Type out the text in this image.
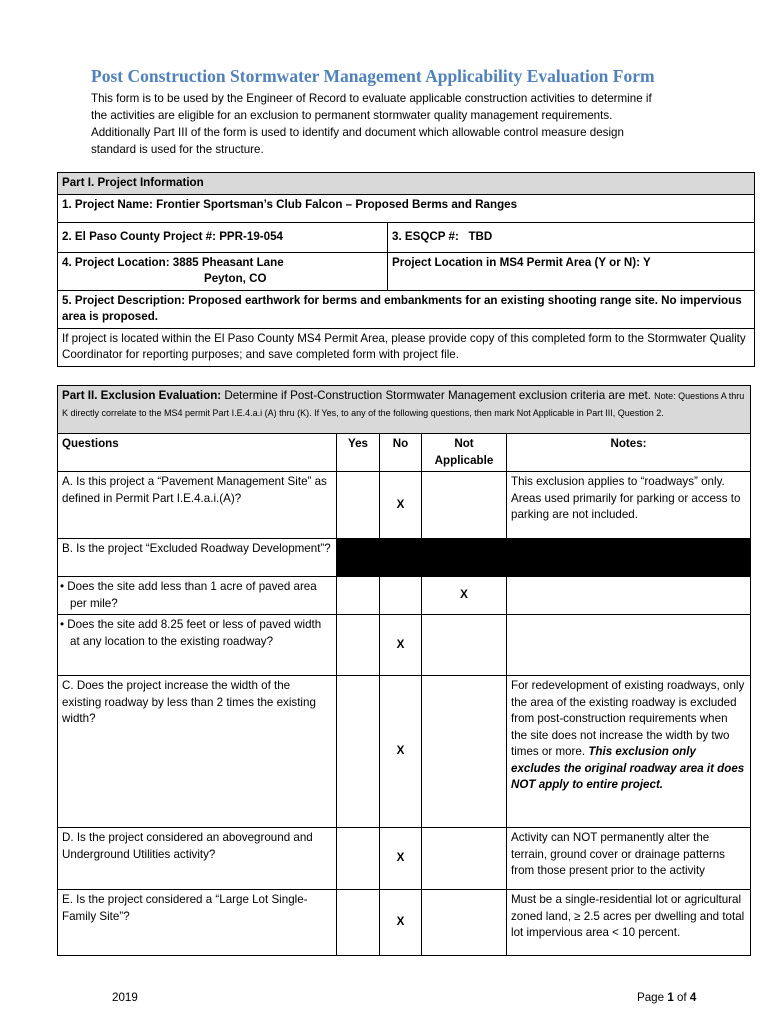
Post Construction Stormwater Management Applicability Evaluation Form
This form is to be used by the Engineer of Record to evaluate applicable construction activities to determine if
the activities are eligible for an exclusion to permanent stormwater quality management requirements.
Additionally Part III of the form is used to identify and document which allowable control measure design
standard is used for the structure.
Part I. Project Information	
1. Project Name: Frontier Sportsman’s Club Falcon – Proposed Berms and Ranges	
2. El Paso County Project #: PPR-19-054	3. ESQCP #:   TBD

4. Project Location: 3885 Pheasant Lane
Peyton, CO	Project Location in MS4 Permit Area (Y or N): Y
5. Project Description: Proposed earthwork for berms and embankments for an existing shooting range site. No impervious area is proposed.	
If project is located within the El Paso County MS4 Permit Area, please provide copy of this completed form to the Stormwater Quality Coordinator for reporting purposes; and save completed form with project file.	
Part II. Exclusion Evaluation: Determine if Post-Construction Stormwater Management exclusion criteria are met. Note: Questions A thru K directly correlate to the MS4 permit Part I.E.4.a.i (A) thru (K). If Yes, to any of the following questions, then mark Not Applicable in Part III, Question 2.				
Questions	Yes	No	Not Applicable	Notes:
A. Is this project a “Pavement Management Site” as defined in Permit Part I.E.4.a.i.(A)?		X		This exclusion applies to “roadways” only. Areas used primarily for parking or access to parking are not included.
B. Is the project “Excluded Roadway Development”?				
• Does the site add less than 1 acre of paved area per mile?			X	
• Does the site add 8.25 feet or less of paved width at any location to the existing roadway?		X		
C. Does the project increase the width of the existing roadway by less than 2 times the existing width?		X		For redevelopment of existing roadways, only the area of the existing roadway is excluded from post-construction requirements when the site does not increase the width by two times or more. This exclusion only excludes the original roadway area it does NOT apply to entire project.
D. Is the project considered an aboveground and Underground Utilities activity?		X		Activity can NOT permanently alter the terrain, ground cover or drainage patterns from those present prior to the activity
E. Is the project considered a “Large Lot Single-Family Site”?		X		Must be a single-residential lot or agricultural zoned land, ≥ 2.5 acres per dwelling and total lot impervious area < 10 percent.
2019	Page 1 of 4
